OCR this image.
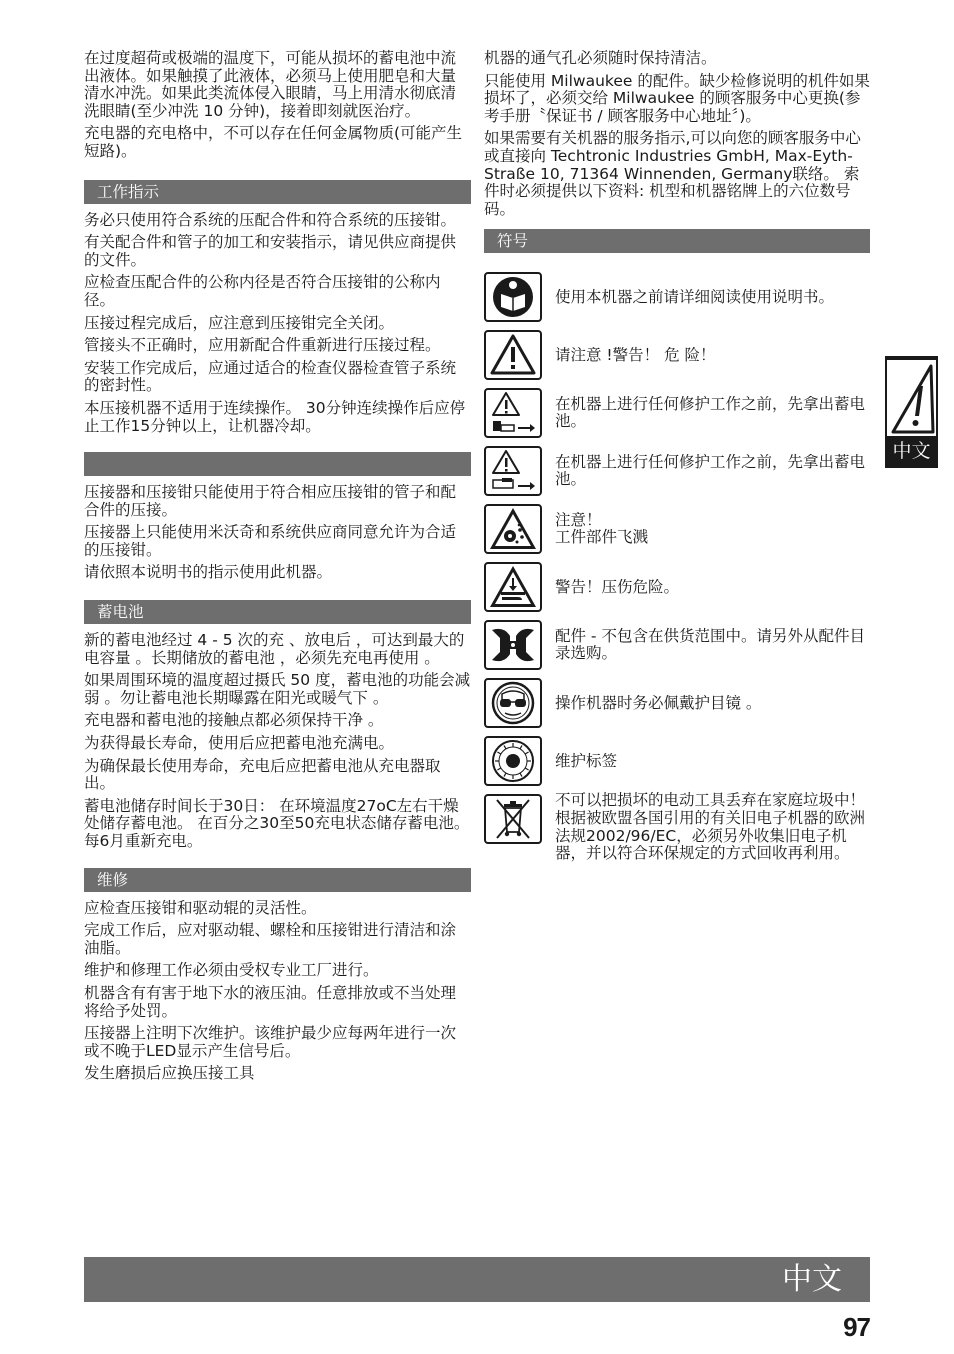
在过度超荷或极端的温度下，可能从损坏的蓄电池中流出液体。如果触摸了此液体，必须马上使用肥皂和大量清水冲洗。如果此类流体侵入眼睛，马上用清水彻底清洗眼睛(至少冲洗 10 分钟)，接着即刻就医治疗。

充电器的充电格中，不可以存在任何金属物质(可能产生短路)。

工作指示

务必只使用符合系统的压配合件和符合系统的压接钳。

有关配合件和管子的加工和安装指示，请见供应商提供的文件。

应检查压配合件的公称内径是否符合压接钳的公称内径。

压接过程完成后，应注意到压接钳完全关闭。

管接头不正确时，应用新配合件重新进行压接过程。

安装工作完成后，应通过适合的检查仪器检查管子系统的密封性。

本压接机器不适用于连续操作。 30分钟连续操作后应停止工作15分钟以上，让机器冷却。

压接器和压接钳只能使用于符合相应压接钳的管子和配合件的压接。

压接器上只能使用米沃奇和系统供应商同意允许为合适的压接钳。

请依照本说明书的指示使用此机器。

蓄电池

新的蓄电池经过 4 - 5 次的充 、放电后 ，可达到最大的电容量 。长期储放的蓄电池 ，必须先充电再使用 。

如果周围环境的温度超过摄氏 50 度，蓄电池的功能会减弱 。勿让蓄电池长期曝露在阳光或暖气下 。

充电器和蓄电池的接触点都必须保持干净 。

为获得最长寿命，使用后应把蓄电池充满电。

为确保最长使用寿命，充电后应把蓄电池从充电器取出。

蓄电池储存时间长于30日： 在环境温度27oC左右干燥处储存蓄电池。 在百分之30至50充电状态储存蓄电池。 每6月重新充电。

维修

应检查压接钳和驱动辊的灵活性。

完成工作后，应对驱动辊、螺栓和压接钳进行清洁和涂油脂。

维护和修理工作必须由受权专业工厂进行。

机器含有有害于地下水的液压油。任意排放或不当处理将给予处罚。

压接器上注明下次维护。该维护最少应每两年进行一次或不晚于LED显示产生信号后。

发生磨损后应换压接工具

机器的通气孔必须随时保持清洁。

只能使用 Milwaukee 的配件。缺少检修说明的机件如果损坏了，必须交给 Milwaukee 的顾客服务中心更换(参考手册〝保证书 / 顾客服务中心地址〞)。

如果需要有关机器的服务指示,可以向您的顾客服务中心或直接向 Techtronic Industries GmbH, Max-Eyth-Straße 10, 71364 Winnenden, Germany联络。 索件时必须提供以下资料: 机型和机器铭牌上的六位数号码。

符号
使用本机器之前请详细阅读使用说明书。
请注意 !警告！ 危 险！
在机器上进行任何修护工作之前，先拿出蓄电池。
在机器上进行任何修护工作之前，先拿出蓄电池。
注意！
工件部件飞溅
警告！压伤危险。
配件 - 不包含在供货范围中。请另外从配件目录选购。
操作机器时务必佩戴护目镜 。
维护标签
不可以把损坏的电动工具丢弃在家庭垃圾中！根据被欧盟各国引用的有关旧电子机器的欧洲法规2002/96/EC，必须另外收集旧电子机器，并以符合环保规定的方式回收再利用。
中文
中文
97
